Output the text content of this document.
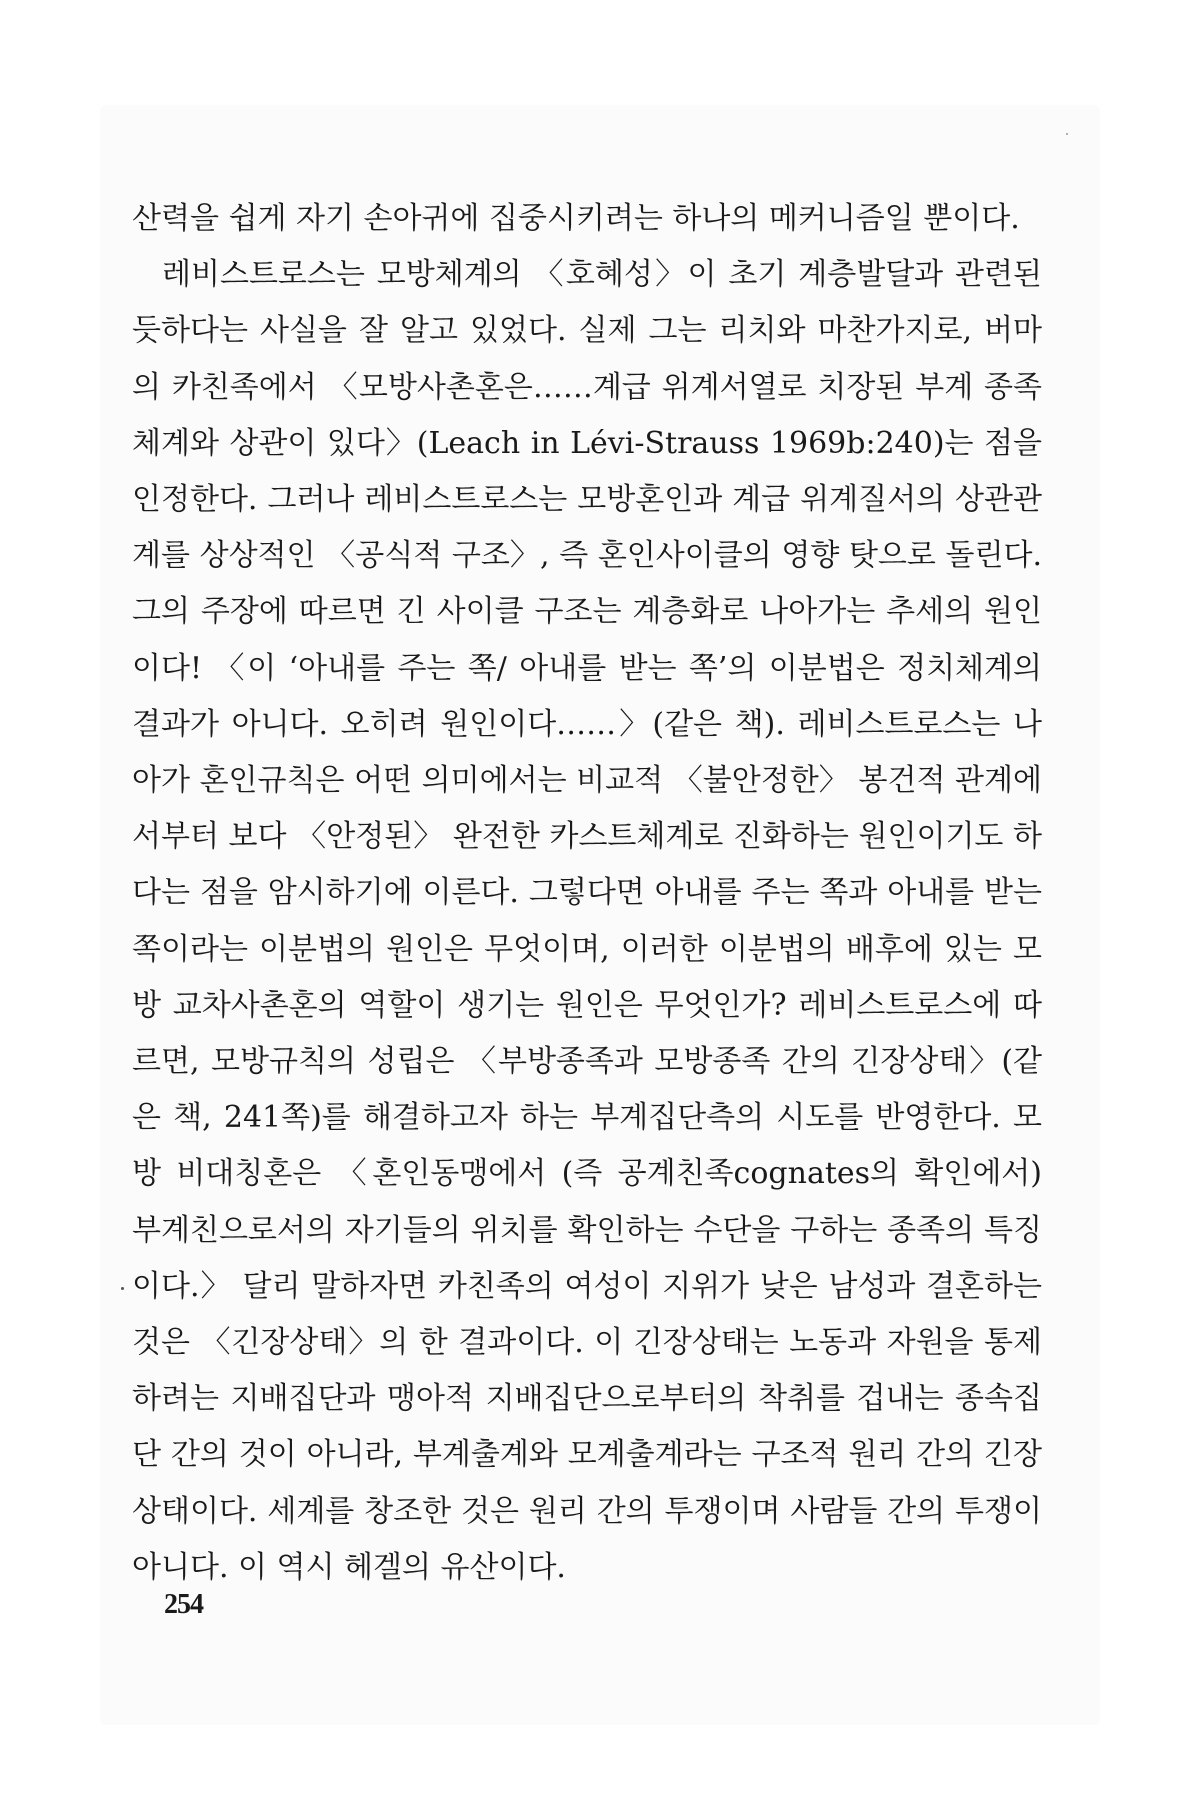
산력을 쉽게 자기 손아귀에 집중시키려는 하나의 메커니즘일 뿐이다.

레비스트로스는 모방체계의 〈호혜성〉이 초기 계층발달과 관련된 듯하다는 사실을 잘 알고 있었다. 실제 그는 리치와 마찬가지로, 버마의 카친족에서 〈모방사촌혼은……계급 위계서열로 치장된 부계 종족체계와 상관이 있다〉(Leach in Lévi-Strauss 1969b:240)는 점을 인정한다. 그러나 레비스트로스는 모방혼인과 계급 위계질서의 상관관계를 상상적인 〈공식적 구조〉, 즉 혼인사이클의 영향 탓으로 돌린다. 그의 주장에 따르면 긴 사이클 구조는 계층화로 나아가는 추세의 원인이다! 〈이 ‘아내를 주는 쪽/ 아내를 받는 쪽’의 이분법은 정치체계의 결과가 아니다. 오히려 원인이다……〉(같은 책). 레비스트로스는 나아가 혼인규칙은 어떤 의미에서는 비교적 〈불안정한〉 봉건적 관계에서부터 보다 〈안정된〉 완전한 카스트체계로 진화하는 원인이기도 하다는 점을 암시하기에 이른다. 그렇다면 아내를 주는 쪽과 아내를 받는 쪽이라는 이분법의 원인은 무엇이며, 이러한 이분법의 배후에 있는 모방 교차사촌혼의 역할이 생기는 원인은 무엇인가? 레비스트로스에 따르면, 모방규칙의 성립은 〈부방종족과 모방종족 간의 긴장상태〉(같은 책, 241쪽)를 해결하고자 하는 부계집단측의 시도를 반영한다. 모방 비대칭혼은 〈혼인동맹에서 (즉 공계친족cognates의 확인에서) 부계친으로서의 자기들의 위치를 확인하는 수단을 구하는 종족의 특징이다.〉 달리 말하자면 카친족의 여성이 지위가 낮은 남성과 결혼하는 것은 〈긴장상태〉의 한 결과이다. 이 긴장상태는 노동과 자원을 통제하려는 지배집단과 맹아적 지배집단으로부터의 착취를 겁내는 종속집단 간의 것이 아니라, 부계출계와 모계출계라는 구조적 원리 간의 긴장상태이다. 세계를 창조한 것은 원리 간의 투쟁이며 사람들 간의 투쟁이 아니다. 이 역시 헤겔의 유산이다.

254
